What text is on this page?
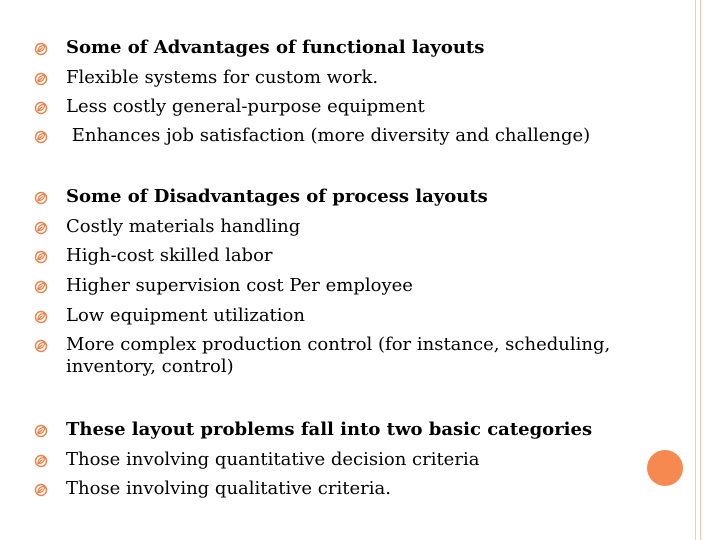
Some of Advantages of functional layouts
Flexible systems for custom work.
Less costly general-purpose equipment
Enhances job satisfaction (more diversity and challenge)
Some of Disadvantages of process layouts
Costly materials handling
High-cost skilled labor
Higher supervision cost Per employee
Low equipment utilization
More complex production control (for instance, scheduling, inventory, control)
These layout problems fall into two basic categories
Those involving quantitative decision criteria
Those involving qualitative criteria.
